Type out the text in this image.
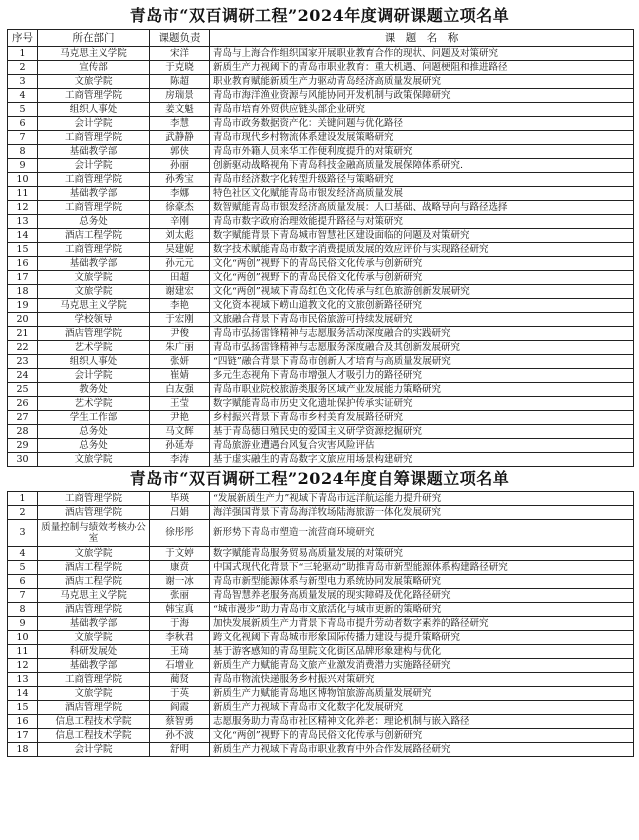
青岛市“双百调研工程”2024年度调研课题立项名单
序号	所在部门	课题负责	课　题　名　称
1	马克思主义学院	宋洋	青岛与上海合作组织国家开展职业教育合作的现状、问题及对策研究
2	宣传部	于克晓	新质生产力视阈下的青岛市职业教育：重大机遇、问题梗阻和推进路径
3	文旅学院	陈超	职业教育赋能新质生产力驱动青岛经济高质量发展研究
4	工商管理学院	房瑞景	青岛市海洋渔业资源与风能协同开发机制与政策保障研究
5	组织人事处	姜文魁	青岛市培育外贸供应链头部企业研究
6	会计学院	李慧	青岛市政务数据资产化：关键问题与优化路径
7	工商管理学院	武静静	青岛市现代乡村物流体系建设发展策略研究
8	基础教学部	郭侠	青岛市外籍人员来华工作便利度提升的对策研究
9	会计学院	孙丽	创新驱动战略视角下青岛科技金融高质量发展保障体系研究.
10	工商管理学院	孙秀宝	青岛市经济数字化转型升级路径与策略研究
11	基础教学部	李娜	特色社区文化赋能青岛市银发经济高质量发展
12	工商管理学院	徐豪杰	数智赋能青岛市银发经济高质量发展：人口基础、战略导向与路径选择
13	总务处	辛刚	青岛市数字政府治理效能提升路径与对策研究
14	酒店工程学院	刘太彪	数字赋能背景下青岛城市智慧社区建设面临的问题及对策研究
15	工商管理学院	吴建妮	数字技术赋能青岛市数字消费提质发展的效应评价与实现路径研究
16	基础教学部	孙元元	文化“两创”视野下的青岛民俗文化传承与创新研究
17	文旅学院	田超	文化“两创”视野下的青岛民俗文化传承与创新研究
18	文旅学院	谢建宏	文化“两创”视域下青岛红色文化传承与红色旅游创新发展研究
19	马克思主义学院	李艳	文化资本视域下崂山道教文化的文旅创新路径研究
20	学校领导	于宏刚	文旅融合背景下青岛市民俗旅游可持续发展研究
21	酒店管理学院	尹俊	青岛市弘扬雷锋精神与志愿服务活动深度融合的实践研究
22	艺术学院	朱广丽	青岛市弘扬雷锋精神与志愿服务深度融合及其创新发展研究
23	组织人事处	张妍	“四链”融合背景下青岛市创新人才培育与高质量发展研究
24	会计学院	崔婧	多元生态视角下青岛市增强人才吸引力的路径研究
25	教务处	白友强	青岛市职业院校旅游类服务区域产业发展能力策略研究
26	艺术学院	王莹	数字赋能青岛市历史文化遗址保护传承实证研究
27	学生工作部	尹艳	乡村振兴背景下青岛市乡村美育发展路径研究
28	总务处	马文辉	基于青岛德日殖民史的爱国主义研学资源挖掘研究
29	总务处	孙延寿	青岛旅游业遭遇台风复合灾害风险评估
30	文旅学院	李涛	基于虚实融生的青岛数字文旅应用场景构建研究
青岛市“双百调研工程”2024年度自筹课题立项名单
1	工商管理学院	毕瑛	“发展新质生产力”视域下青岛市远洋航运能力提升研究
2	酒店管理学院	吕娟	海洋强国背景下青岛海洋牧场陆海旅游一体化发展研究
3	质量控制与绩效考核办公室	徐彤彤	新形势下青岛市塑造一流营商环境研究
4	文旅学院	于文婷	数字赋能青岛服务贸易高质量发展的对策研究
5	酒店工程学院	康贲	中国式现代化背景下“三轮驱动”助推青岛市新型能源体系构建路径研究
6	酒店工程学院	谢一冰	青岛市新型能源体系与新型电力系统协同发展策略研究
7	马克思主义学院	张丽	青岛智慧养老服务高质量发展的现实障碍及优化路径研究
8	酒店管理学院	韩宝真	“城市漫步”助力青岛市文旅活化与城市更新的策略研究
9	基础教学部	于海	加快发展新质生产力背景下青岛市提升劳动者数字素养的路径研究
10	文旅学院	李秋君	跨文化视阈下青岛城市形象国际传播力建设与提升策略研究
11	科研发展处	王琦	基于游客感知的青岛里院文化街区品牌形象建构与优化
12	基础教学部	石增业	新质生产力赋能青岛文旅产业激发消费潜力实施路径研究
13	工商管理学院	蔺贤	青岛市物流快递服务乡村振兴对策研究
14	文旅学院	于英	新质生产力赋能青岛地区博物馆旅游高质量发展研究
15	酒店管理学院	阎霞	新质生产力视域下青岛市文化数字化发展研究
16	信息工程技术学院	蔡智勇	志愿服务助力青岛市社区精神文化养老：理论机制与嵌入路径
17	信息工程技术学院	孙不波	文化“两创”视野下的青岛民俗文化传承与创新研究
18	会计学院	舒明	新质生产力视域下青岛市职业教育中外合作发展路径研究
